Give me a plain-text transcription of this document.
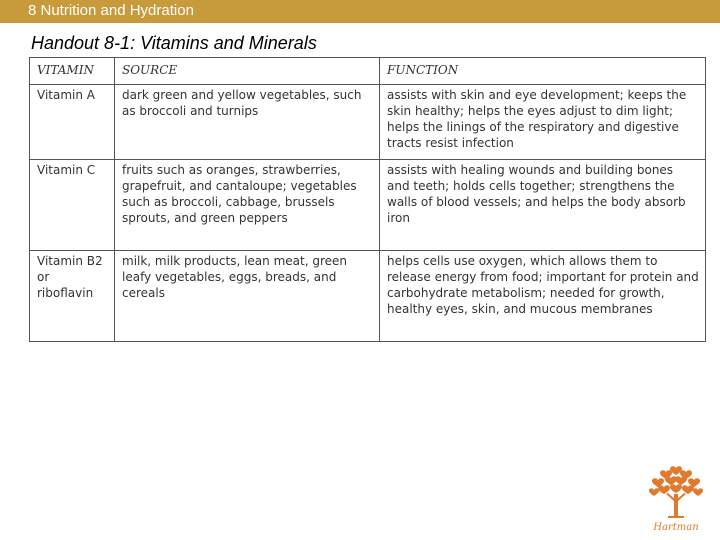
8 Nutrition and Hydration
Handout 8-1: Vitamins and Minerals
VITAMIN	SOURCE	FUNCTION
Vitamin A	dark green and yellow vegetables, such as broccoli and turnips	assists with skin and eye development; keeps the skin healthy; helps the eyes adjust to dim light; helps the linings of the respiratory and digestive tracts resist infection
Vitamin C	fruits such as oranges, strawberries, grapefruit, and cantaloupe; vegetables such as broccoli, cabbage, brussels sprouts, and green peppers	assists with healing wounds and building bones and teeth; holds cells together; strengthens the walls of blood vessels; and helps the body absorb iron
Vitamin B2 or riboflavin	milk, milk products, lean meat, green leafy vegetables, eggs, breads, and cereals	helps cells use oxygen, which allows them to release energy from food; important for protein and carbohydrate metabolism; needed for growth, healthy eyes, skin, and mucous membranes
Hartman
